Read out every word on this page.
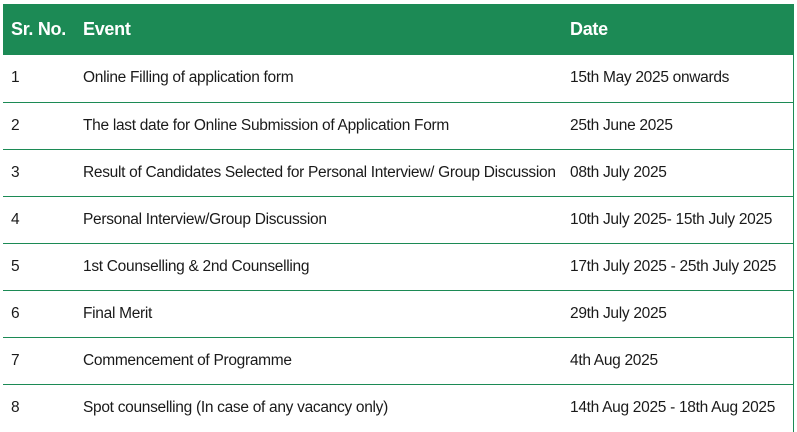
Sr. No.	Event	Date
1	Online Filling of application form	15th May 2025 onwards
2	The last date for Online Submission of Application Form	25th June 2025
3	Result of Candidates Selected for Personal Interview/ Group Discussion	08th July 2025
4	Personal Interview/Group Discussion	10th July 2025- 15th July 2025
5	1st Counselling & 2nd Counselling	17th July 2025 - 25th July 2025
6	Final Merit	29th July 2025
7	Commencement of Programme	4th Aug 2025
8	Spot counselling (In case of any vacancy only)	14th Aug 2025 - 18th Aug 2025
